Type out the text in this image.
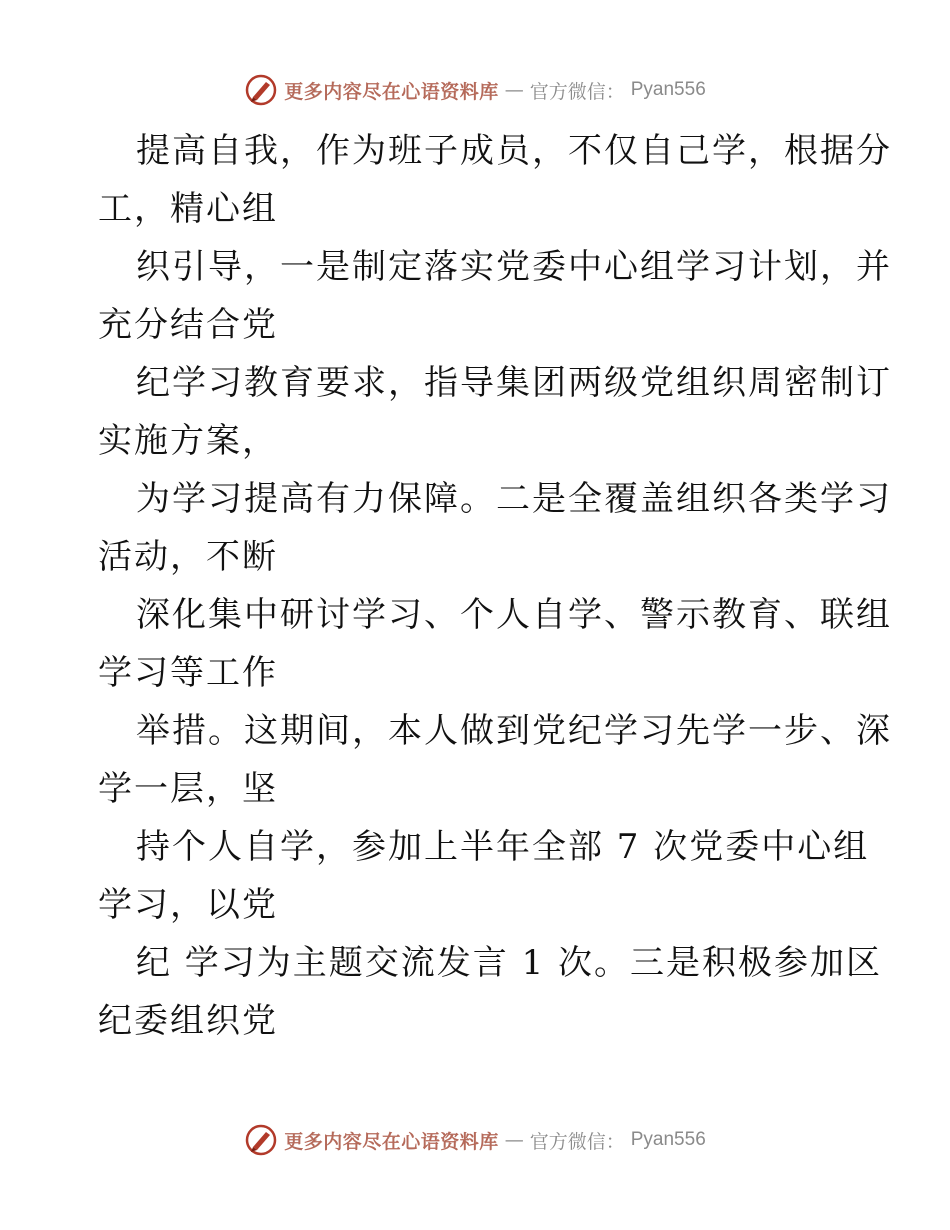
更多内容尽在心语资料库 — 官方微信： Pyan556
提高自我，作为班子成员，不仅自己学，根据分
工，精心组
织引导，一是制定落实党委中心组学习计划，并
充分结合党
纪学习教育要求，指导集团两级党组织周密制订
实施方案，
为学习提高有力保障。二是全覆盖组织各类学习
活动，不断
深化集中研讨学习、个人自学、警示教育、联组
学习等工作
举措。这期间，本人做到党纪学习先学一步、深
学一层，坚
持个人自学，参加上半年全部 7 次党委中心组
学习，以党
纪 学习为主题交流发言 1 次。三是积极参加区
纪委组织党
更多内容尽在心语资料库 — 官方微信： Pyan556
